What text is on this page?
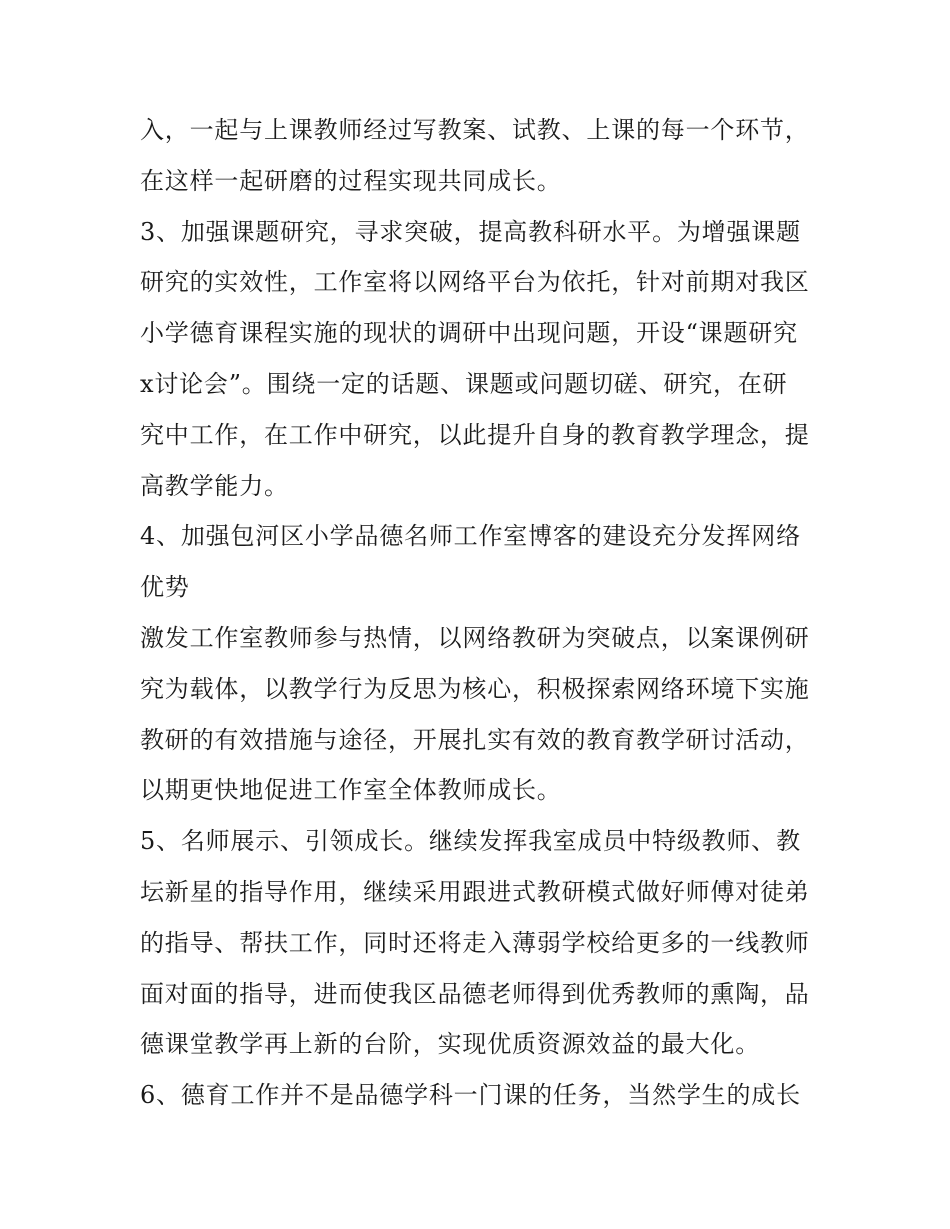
入，一起与上课教师经过写教案、试教、上课的每一个环节，
在这样一起研磨的过程实现共同成长。
3、加强课题研究，寻求突破，提高教科研水平。为增强课题
研究的实效性，工作室将以网络平台为依托，针对前期对我区
小学德育课程实施的现状的调研中出现问题，开设“课题研究
x讨论会”。围绕一定的话题、课题或问题切磋、研究，在研
究中工作，在工作中研究，以此提升自身的教育教学理念，提
高教学能力。
4、加强包河区小学品德名师工作室博客的建设充分发挥网络
优势
激发工作室教师参与热情，以网络教研为突破点，以案课例研
究为载体，以教学行为反思为核心，积极探索网络环境下实施
教研的有效措施与途径，开展扎实有效的教育教学研讨活动，
以期更快地促进工作室全体教师成长。
5、名师展示、引领成长。继续发挥我室成员中特级教师、教
坛新星的指导作用，继续采用跟进式教研模式做好师傅对徒弟
的指导、帮扶工作，同时还将走入薄弱学校给更多的一线教师
面对面的指导，进而使我区品德老师得到优秀教师的熏陶，品
德课堂教学再上新的台阶，实现优质资源效益的最大化。
6、德育工作并不是品德学科一门课的任务，当然学生的成长
